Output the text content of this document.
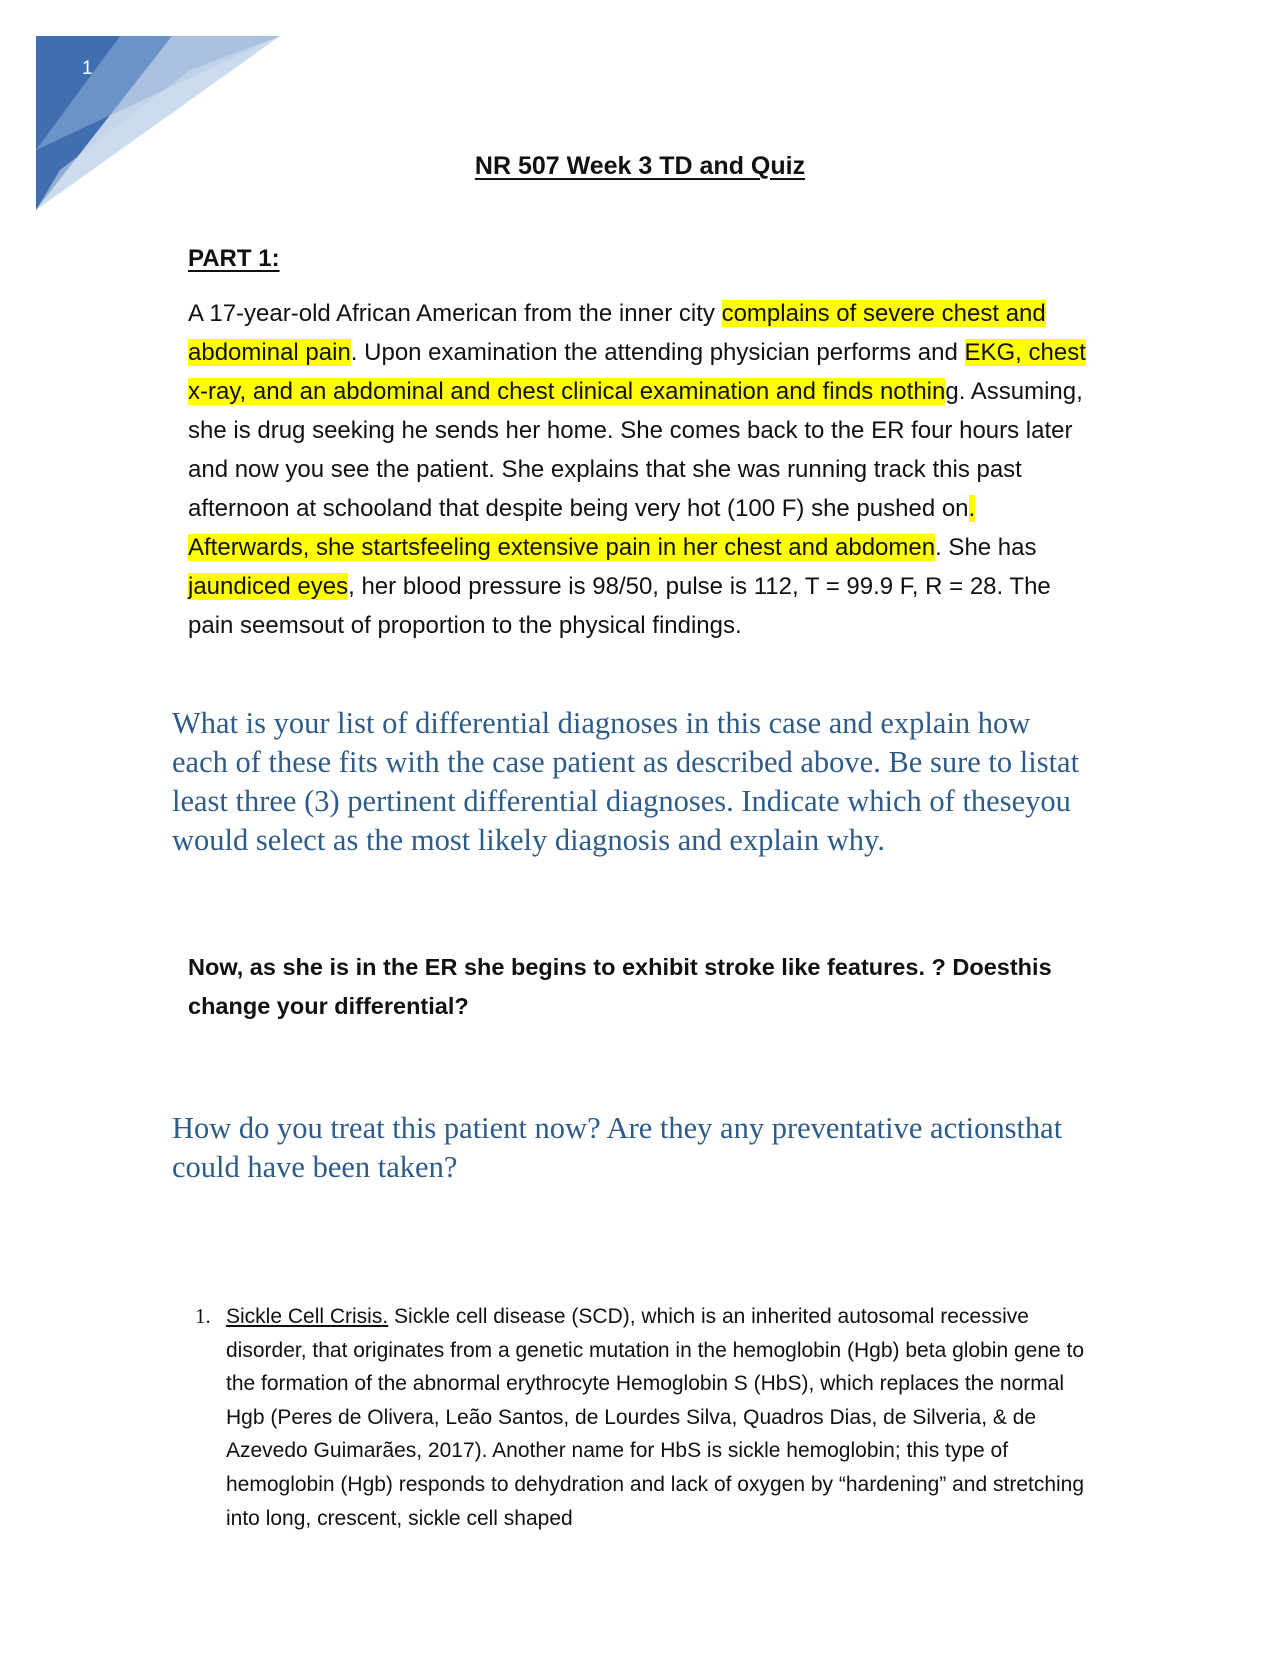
1
NR 507 Week 3 TD and Quiz
PART 1:
A 17-year-old African American from the inner city complains of severe chest and abdominal pain. Upon examination the attending physician performs and EKG, chest x-ray, and an abdominal and chest clinical examination and finds nothing. Assuming, she is drug seeking he sends her home. She comes back to the ER four hours later and now you see the patient. She explains that she was running track this past afternoon at schooland that despite being very hot (100 F) she pushed on. Afterwards, she startsfeeling extensive pain in her chest and abdomen. She has jaundiced eyes, her blood pressure is 98/50, pulse is 112, T = 99.9 F, R = 28. The pain seemsout of proportion to the physical findings.
What is your list of differential diagnoses in this case and explain how each of these fits with the case patient as described above. Be sure to listat least three (3) pertinent differential diagnoses. Indicate which of theseyou would select as the most likely diagnosis and explain why.
Now, as she is in the ER she begins to exhibit stroke like features. ? Doesthis change your differential?
How do you treat this patient now? Are they any preventative actionsthat could have been taken?
1. Sickle Cell Crisis. Sickle cell disease (SCD), which is an inherited autosomal recessive disorder, that originates from a genetic mutation in the hemoglobin (Hgb) beta globin gene to the formation of the abnormal erythrocyte Hemoglobin S (HbS), which replaces the normal Hgb (Peres de Olivera, Leão Santos, de Lourdes Silva, Quadros Dias, de Silveria, & de Azevedo Guimarães, 2017). Another name for HbS is sickle hemoglobin; this type of hemoglobin (Hgb) responds to dehydration and lack of oxygen by “hardening” and stretching into long, crescent, sickle cell shaped
